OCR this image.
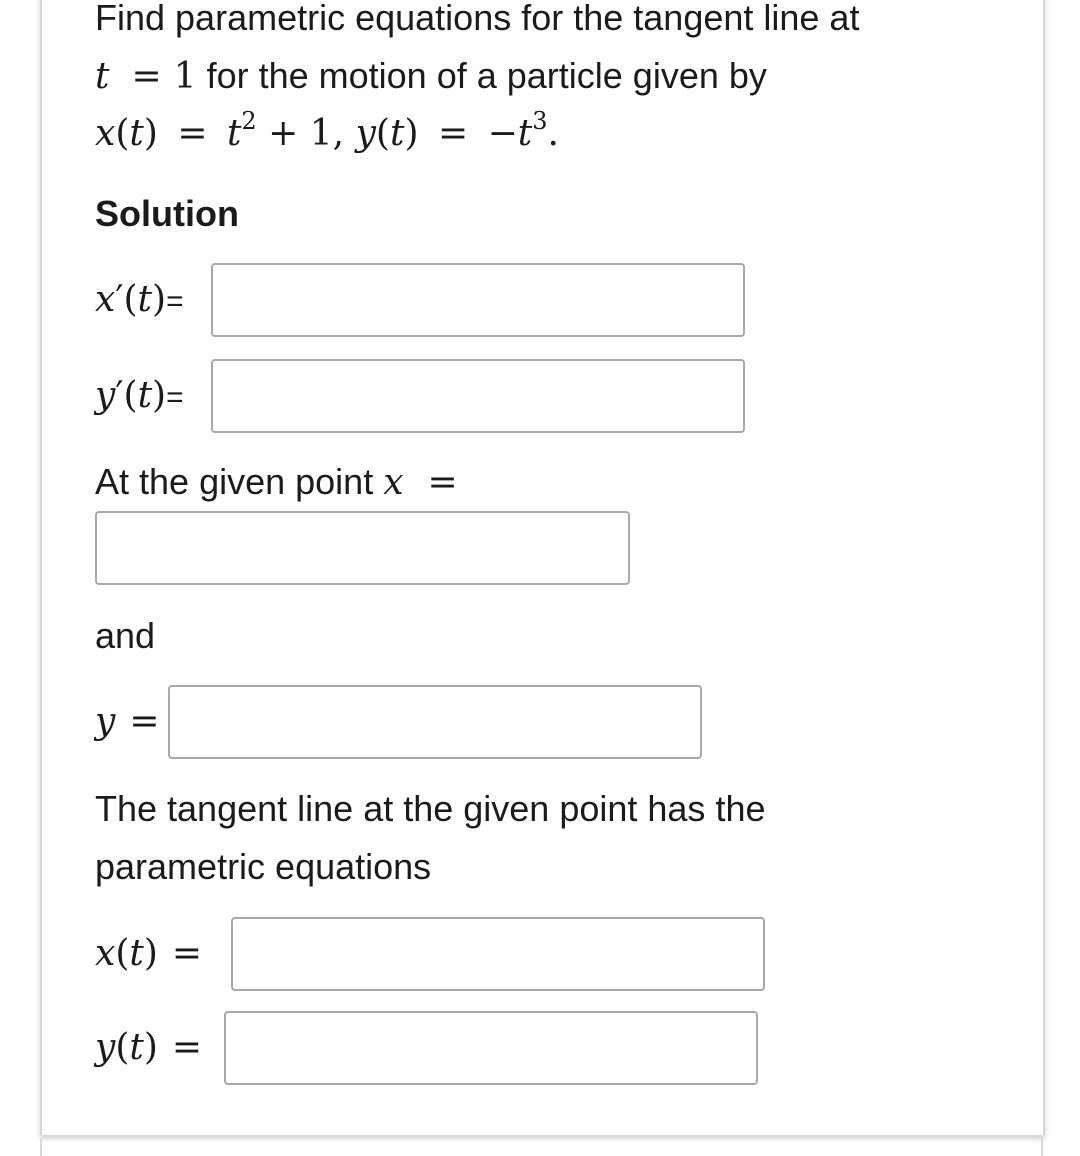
Find parametric equations for the tangent line at
t = 1 for the motion of a particle given by
$x(t) = t^2 + 1$, $y(t) = -t^3$.
Solution
x′(t)=
y′(t)=
At the given point x =
and
y =
The tangent line at the given point has the
parametric equations
x(t) =
y(t) =
